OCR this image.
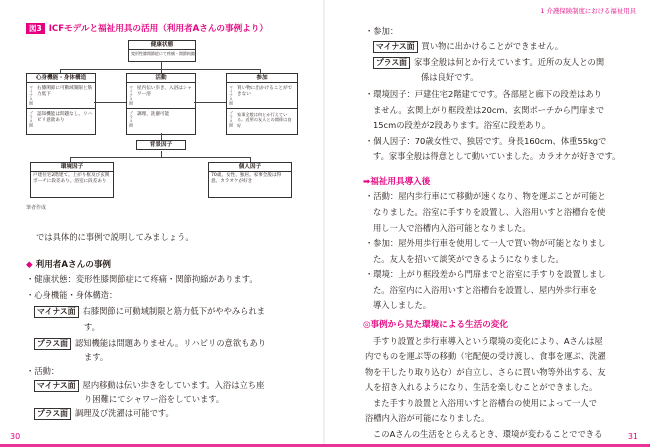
図3 ICFモデルと福祉用具の活用（利用者Aさんの事例より）
健康状態
変形性膝関節症にて疼痛・関節拘縮
心身機能・身体構造
マイナス面 右膝関節に可動域制限と筋力低下
プラス面 認知機能は問題なし。リハビリ意欲あり
活動
マイナス面 屋内伝い歩き、入浴はシャワー浴
プラス面 調理、洗濯可能
参加
マイナス面 買い物に出かけることができない
プラス面 家事全般は何とか行えている。近所の友人との関係は良好
背景因子
環境因子
戸建住宅2階建て。上がり框及び玄関ポーチに段差あり。浴室に段差あり
個人因子
70歳、女性、独居。家事全般は得意。カラオケが好き
筆者作成
では具体的に事例で説明してみましょう。
◆ 利用者Aさんの事例
・健康状態：変形性膝関節症にて疼痛・関節拘縮があります。
・心身機能・身体構造：
マイナス面 右膝関節に可動域制限と筋力低下がややみられま
す。
プラス面 認知機能は問題ありません。リハビリの意欲もあり
ます。
・活動：
マイナス面 屋内移動は伝い歩きをしています。入浴は立ち座
り困難にてシャワー浴をしています。
プラス面 調理及び洗濯は可能です。
30
1 介護保険制度における福祉用具
・参加：
マイナス面 買い物に出かけることができません。
プラス面 家事全般は何とか行えています。近所の友人との関
係は良好です。
・環境因子：戸建住宅2階建てです。各部屋と廊下の段差はあり
ません。玄関上がり框段差は20cm、玄関ポーチから門扉まで
15cmの段差が2段あります。浴室に段差あり。
・個人因子：70歳女性で、独居です。身長160cm、体重55kgで
す。家事全般は得意として動いていました。カラオケが好きです。
➡福祉用具導入後
・活動：屋内歩行車にて移動が速くなり、物を運ぶことが可能と
なりました。浴室に手すりを設置し、入浴用いすと浴槽台を使
用し一人で浴槽内入浴可能となりました。
・参加：屋外用歩行車を使用して一人で買い物が可能となりまし
た。友人を招いて談笑ができるようになりました。
・環境：上がり框段差から門扉までと浴室に手すりを設置しまし
た。浴室内に入浴用いすと浴槽台を設置し、屋内外歩行車を
導入しました。
◎事例から見た環境による生活の変化
手すり設置と歩行車導入という環境の変化により、Aさんは屋
内でものを運ぶ等の移動（宅配便の受け渡し、食事を運ぶ、洗濯
物を干したり取り込む）が自立し、さらに買い物等外出する、友
人を招き入れるようになり、生活を楽しむことができました。
また手すり設置と入浴用いすと浴槽台の使用によって一人で
浴槽内入浴が可能になりました。
このAさんの生活をとらえるとき、環境が変わることでできる	31
